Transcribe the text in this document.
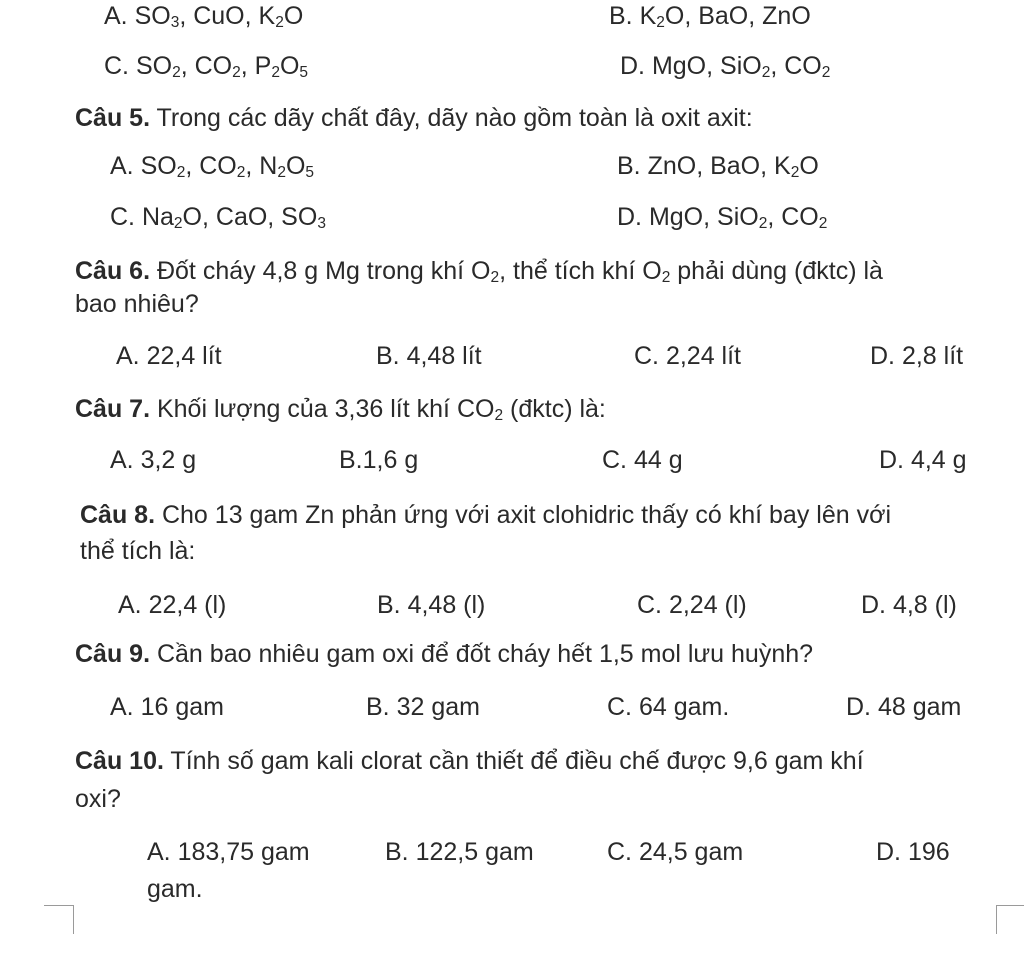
A. $SO_3$, CuO, $K_2O$	B. $K_2O$, BaO, ZnO
C. $SO_2$, $CO_2$, $P_2O_5$	D. MgO, SiO$_2$, $CO_2$
Câu 5. Trong các dãy chất đây, dãy nào gồm toàn là oxit axit:
A. $SO_2$, $CO_2$, $N_2O_5$	B. ZnO, BaO, $K_2O$
C. $Na_2O$, CaO, $SO_3$	D. MgO, SiO$_2$, $CO_2$
Câu 6. Đốt cháy 4,8 g Mg trong khí $O_2$, thể tích khí $O_2$ phải dùng (đktc) là
bao nhiêu?
A. 22,4 lít	B. 4,48 lít	C. 2,24 lít	D. 2,8 lít
Câu 7. Khối lượng của 3,36 lít khí $CO_2$ (đktc) là:
A. 3,2 g	B.1,6 g	C. 44 g	D. 4,4 g
Câu 8. Cho 13 gam Zn phản ứng với axit clohidric thấy có khí bay lên với
thể tích là:
A. 22,4 (l)	B. 4,48 (l)	C. 2,24 (l)	D. 4,8 (l)
Câu 9. Cần bao nhiêu gam oxi để đốt cháy hết 1,5 mol lưu huỳnh?
A. 16 gam	B. 32 gam	C. 64 gam.	D. 48 gam
Câu 10. Tính số gam kali clorat cần thiết để điều chế được 9,6 gam khí
oxi?
A. 183,75 gam	B. 122,5 gam	C. 24,5 gam	D. 196
gam.
